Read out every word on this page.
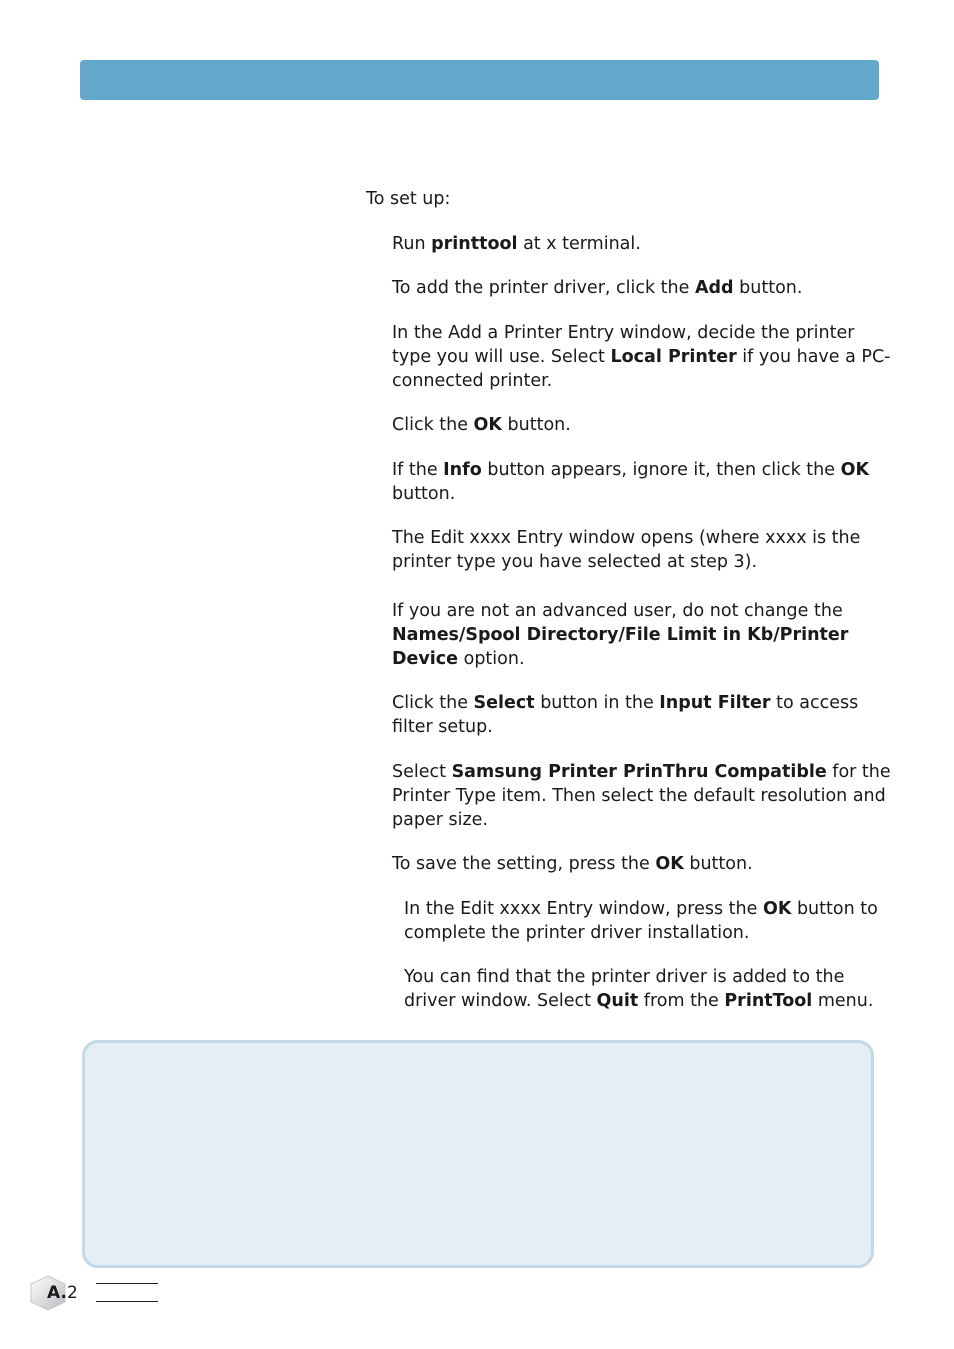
To set up:
Run printtool at x terminal.
To add the printer driver, click the Add button.
In the Add a Printer Entry window, decide the printer
type you will use. Select Local Printer if you have a PC-
connected printer.
Click the OK button.
If the Info button appears, ignore it, then click the OK
button.
The Edit xxxx Entry window opens (where xxxx is the
printer type you have selected at step 3).
If you are not an advanced user, do not change the
Names/Spool Directory/File Limit in Kb/Printer
Device option.
Click the Select button in the Input Filter to access
filter setup.
Select Samsung Printer PrinThru Compatible for the
Printer Type item. Then select the default resolution and
paper size.
To save the setting, press the OK button.
In the Edit xxxx Entry window, press the OK button to
complete the printer driver installation.
You can find that the printer driver is added to the
driver window. Select Quit from the PrintTool menu.
A.2
